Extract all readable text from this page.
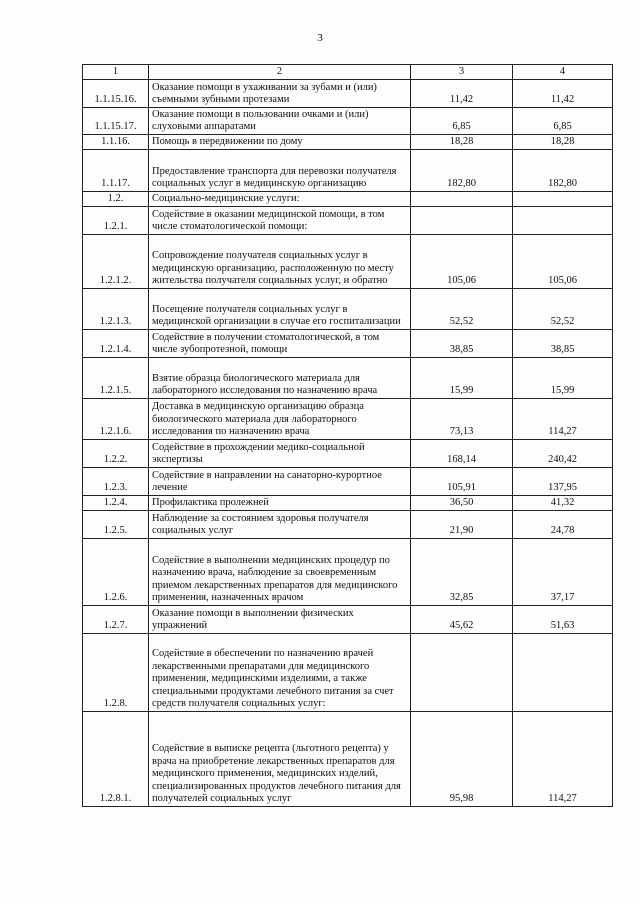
3
1	2	3	4
1.1.15.16.	Оказание помощи в ухаживании за зубами и (или) съемными зубными протезами	11,42	11,42
1.1.15.17.	Оказание помощи в пользовании очками и (или) слуховыми аппаратами	6,85	6,85
1.1.16.	Помощь в передвижении по дому	18,28	18,28
1.1.17.	Предоставление транспорта для перевозки получателя социальных услуг в медицинскую организацию	182,80	182,80
1.2.	Социально-медицинские услуги:		
1.2.1.	Содействие в оказании медицинской помощи, в том числе стоматологической помощи:		
1.2.1.2.	Сопровождение получателя социальных услуг в медицинскую организацию, расположенную по месту жительства получателя социальных услуг, и обратно	105,06	105,06
1.2.1.3.	Посещение получателя социальных услуг в медицинской организации в случае его госпитализации	52,52	52,52
1.2.1.4.	Содействие в получении стоматологической, в том числе зубопротезной, помощи	38,85	38,85
1.2.1.5.	Взятие образца биологического материала для лабораторного исследования по назначению врача	15,99	15,99
1.2.1.6.	Доставка в медицинскую организацию образца биологического материала для лабораторного исследования по назначению врача	73,13	114,27
1.2.2.	Содействие в прохождении медико-социальной экспертизы	168,14	240,42
1.2.3.	Содействие в направлении на санаторно-курортное лечение	105,91	137,95
1.2.4.	Профилактика пролежней	36,50	41,32
1.2.5.	Наблюдение за состоянием здоровья получателя социальных услуг	21,90	24,78
1.2.6.	Содействие в выполнении медицинских процедур по назначению врача, наблюдение за своевременным приемом лекарственных препаратов для медицинского применения, назначенных врачом	32,85	37,17
1.2.7.	Оказание помощи в выполнении физических упражнений	45,62	51,63
1.2.8.	Содействие в обеспечении по назначению врачей лекарственными препаратами для медицинского применения, медицинскими изделиями, а также специальными продуктами лечебного питания за счет средств получателя социальных услуг:		
1.2.8.1.	Содействие в выписке рецепта (льготного рецепта) у врача на приобретение лекарственных препаратов для медицинского применения, медицинских изделий, специализированных продуктов лечебного питания для получателей социальных услуг	95,98	114,27
